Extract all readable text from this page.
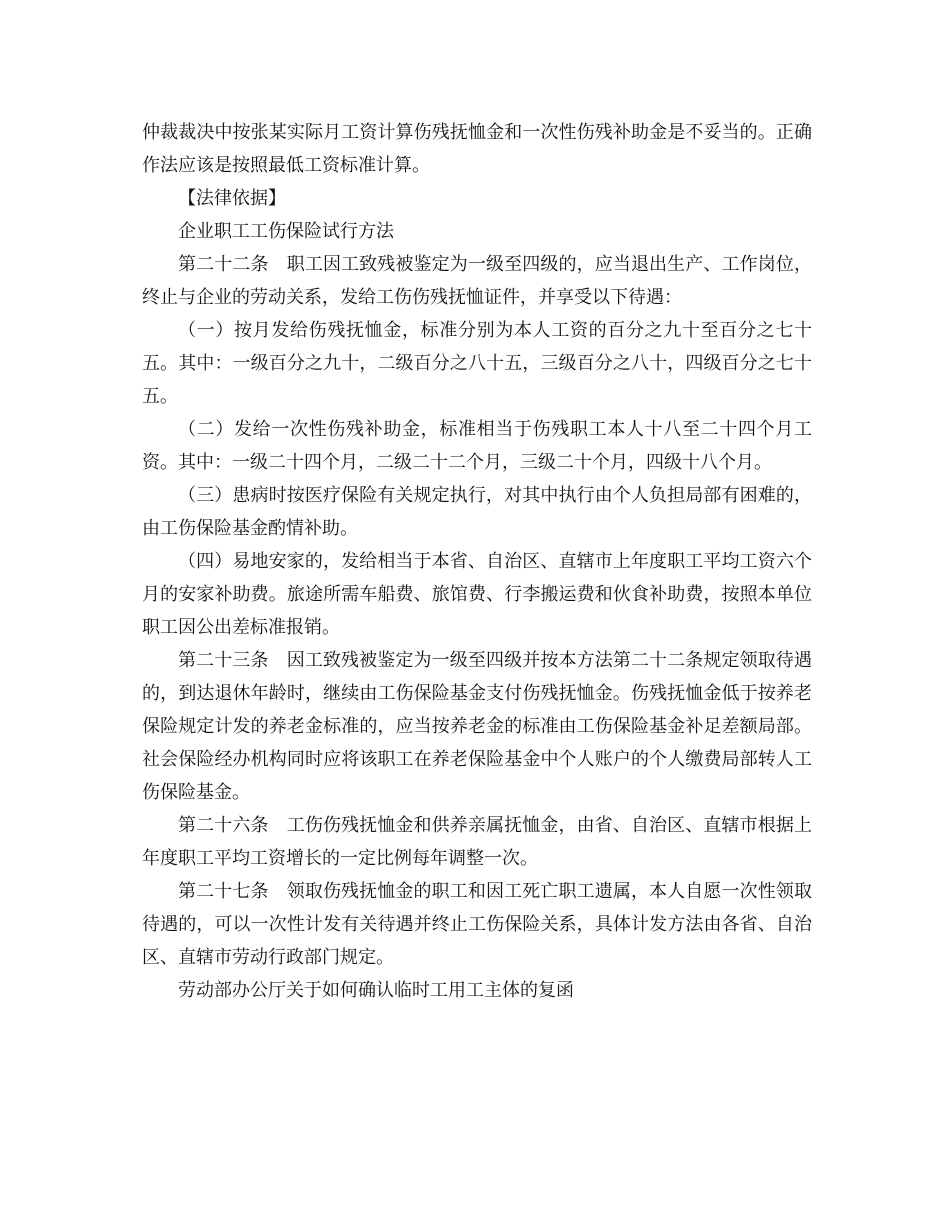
仲裁裁决中按张某实际月工资计算伤残抚恤金和一次性伤残补助金是不妥当的。正确作法应该是按照最低工资标准计算。

【法律依据】

企业职工工伤保险试行方法

第二十二条　职工因工致残被鉴定为一级至四级的，应当退出生产、工作岗位，终止与企业的劳动关系，发给工伤伤残抚恤证件，并享受以下待遇：

（一）按月发给伤残抚恤金，标准分别为本人工资的百分之九十至百分之七十五。其中：一级百分之九十，二级百分之八十五，三级百分之八十，四级百分之七十五。

（二）发给一次性伤残补助金，标准相当于伤残职工本人十八至二十四个月工资。其中：一级二十四个月，二级二十二个月，三级二十个月，四级十八个月。

（三）患病时按医疗保险有关规定执行，对其中执行由个人负担局部有困难的，由工伤保险基金酌情补助。

（四）易地安家的，发给相当于本省、自治区、直辖市上年度职工平均工资六个月的安家补助费。旅途所需车船费、旅馆费、行李搬运费和伙食补助费，按照本单位职工因公出差标准报销。

第二十三条　因工致残被鉴定为一级至四级并按本方法第二十二条规定领取待遇的，到达退休年龄时，继续由工伤保险基金支付伤残抚恤金。伤残抚恤金低于按养老保险规定计发的养老金标准的，应当按养老金的标准由工伤保险基金补足差额局部。社会保险经办机构同时应将该职工在养老保险基金中个人账户的个人缴费局部转人工伤保险基金。

第二十六条　工伤伤残抚恤金和供养亲属抚恤金，由省、自治区、直辖市根据上年度职工平均工资增长的一定比例每年调整一次。

第二十七条　领取伤残抚恤金的职工和因工死亡职工遗属，本人自愿一次性领取待遇的，可以一次性计发有关待遇并终止工伤保险关系，具体计发方法由各省、自治区、直辖市劳动行政部门规定。

劳动部办公厅关于如何确认临时工用工主体的复函
